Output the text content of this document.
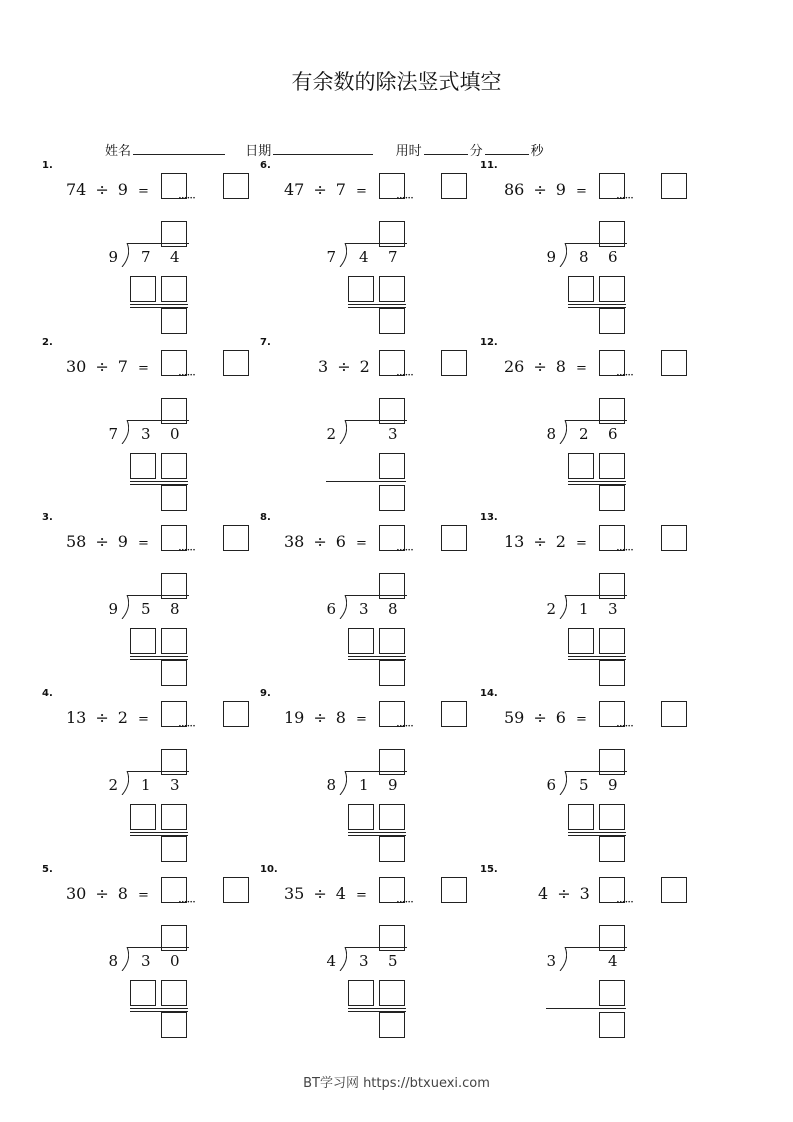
有余数的除法竖式填空
姓名	日期	用时	分	秒
1.
74 ÷ 9 = ······
9 7 4
2.
30 ÷ 7 = ······
7 3 0
3.
58 ÷ 9 = ······
9 5 8
4.
13 ÷ 2 = ······
2 1 3
5.
30 ÷ 8 = ······
8 3 0
6.
47 ÷ 7 = ······
7 4 7
7.
3 ÷ 2	······
2	3
8.
38 ÷ 6 = ······
6 3 8
9.
19 ÷ 8 = ······
8 1 9
10.
35 ÷ 4 = ······
4 3 5
11.
86 ÷ 9 = ······
9 8 6
12.
26 ÷ 8 = ······
8 2 6
13.
13 ÷ 2 = ······
2 1 3
14.
59 ÷ 6 = ······
6 5 9
15.
4 ÷ 3	······
3	4
BT学习网 https://btxuexi.com
